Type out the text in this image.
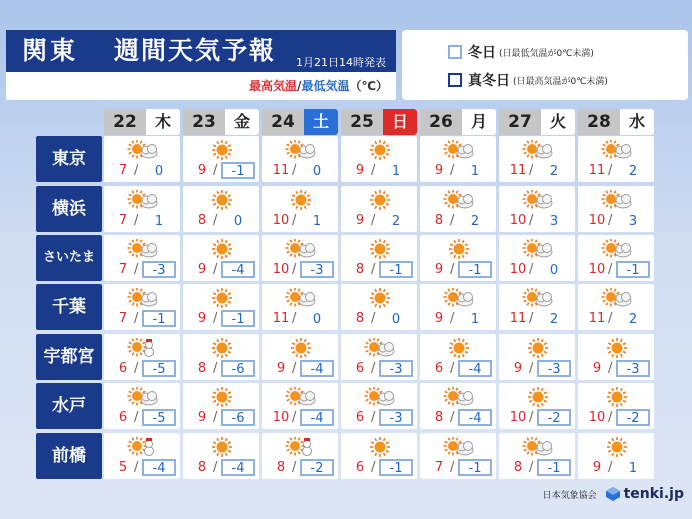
関東 週間天気予報 1月21日14時発表
最高気温/最低気温（℃）
冬日 (日最低気温が0℃未満)
真冬日 (日最高気温が0℃未満)
22	木	23	金	24	土	25	日	26	月	27	火	28	水
東京
7 /	0	9 /	-1	11 /	0	9 /	1	9 /	1	11 /	2	11 /	2
横浜
7 /	1	8 /	0	10 /	1	9 /	2	8 /	2	10 /	3	10 /	3
さいたま
7 /	-3	9 /	-4	10 /	-3	8 /	-1	9 /	-1	10 /	0	10 /	-1
千葉
7 /	-1	9 /	-1	11 /	0	8 /	0	9 /	1	11 /	2	11 /	2
宇都宮
6 /	-5	8 /	-6	9 /	-4	6 /	-3	6 /	-4	9 /	-3	9 /	-3
水戸
6 /	-5	9 /	-6	10 /	-4	6 /	-3	8 /	-4	10 /	-2	10 /	-2
前橋
5 /	-4	8 /	-4	8 /	-2	6 /	-1	7 /	-1	8 /	-1	9 /	1
日本気象協会 tenki.jp
